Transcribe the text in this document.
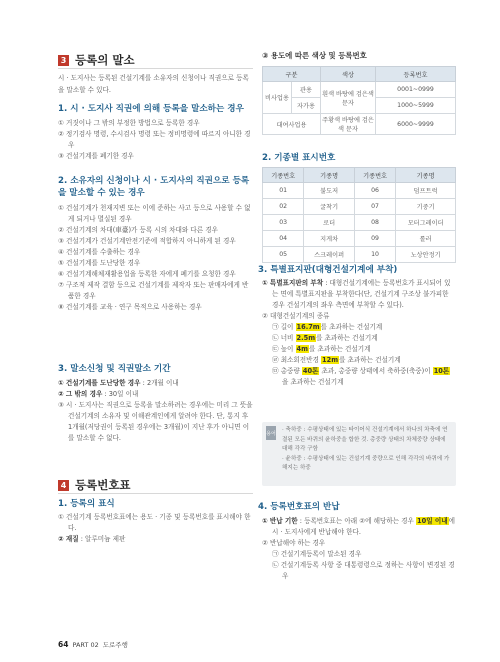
3 등록의 말소
시 · 도지사는 등록된 건설기계를 소유자의 신청이나 직권으로 등록을 말소할 수 있다.
1. 시 · 도지사 직권에 의해 등록을 말소하는 경우
① 거짓이나 그 밖의 부정한 방법으로 등록한 경우
② 정기검사 명령, 수시검사 명령 또는 정비명령에 따르지 아니한 경우
③ 건설기계를 폐기한 경우
2. 소유자의 신청이나 시 · 도지사의 직권으로 등록을 말소할 수 있는 경우
① 건설기계가 천재지변 또는 이에 준하는 사고 등으로 사용할 수 없게 되거나 멸실된 경우
② 건설기계의 차대(車臺)가 등록 시의 차대와 다른 경우
③ 건설기계가 건설기계안전기준에 적합하지 아니하게 된 경우
④ 건설기계를 수출하는 경우
⑤ 건설기계를 도난당한 경우
⑥ 건설기계해체재활용업을 등록한 자에게 폐기를 요청한 경우
⑦ 구조적 제작 결함 등으로 건설기계를 제작자 또는 판매자에게 반품한 경우
⑧ 건설기계를 교육 · 연구 목적으로 사용하는 경우
3. 말소신청 및 직권말소 기간
① 건설기계를 도난당한 경우 : 2개월 이내
② 그 밖의 경우 : 30일 이내
③ 시 · 도지사는 직권으로 등록을 말소하려는 경우에는 미리 그 뜻을 건설기계의 소유자 및 이해관계인에게 알려야 한다. 단, 통지 후 1개월(저당권이 등록된 경우에는 3개월)이 지난 후가 아니면 이를 말소할 수 없다.
4 등록번호표
1. 등록의 표식
① 건설기계 등록번호표에는 용도 · 기종 및 등록번호를 표시해야 한다.
② 재질 : 알루미늄 제판
③ 용도에 따른 색상 및 등록번호
구분		색상	등록번호
비사업용	관용	흰색 바탕에 검은색 문자	0001~0999
	자가용		1000~5999
대여사업용		주황색 바탕에 검은색 문자	6000~9999
2. 기종별 표시번호
기종번호	기종명	기종번호	기종명
01	불도저	06	덤프트럭
02	굴착기	07	기중기
03	로더	08	모터그레이더
04	지게차	09	롤러
05	스크레이퍼	10	노상안정기
3. 특별표지판(대형건설기계에 부착)
① 특별표지판의 부착 : 대형건설기계에는 등록번호가 표시되어 있는 면에 특별표지판을 부착한다(단, 건설기계 구조상 불가피한 경우 건설기계의 좌우 측면에 부착할 수 있다).
② 대형건설기계의 종류
㉠ 길이 16.7m를 초과하는 건설기계
㉡ 너비 2.5m를 초과하는 건설기계
㉢ 높이 4m를 초과하는 건설기계
㉣ 최소회전반경 12m를 초과하는 건설기계
㉤ 총중량 40톤 초과, 총중량 상태에서 축하중(축중)이 10톤을 초과하는 건설기계
용어
· 축하중 : 수평상태에 있는 타이어식 건설기계에서 하나의 차축에 연결된 모든 바퀴의 윤하중을 합한 것. 총중량 상태의 차체중량 상태에 대해 각각 구함
· 윤하중 : 수평상태에 있는 건설기계 중량으로 인해 각각의 바퀴에 가해지는 하중
4. 등록번호표의 반납
① 반납 기한 : 등록번호표는 아래 ②에 해당하는 경우 10일 이내에 시 · 도지사에게 반납해야 한다.
② 반납해야 하는 경우
㉠ 건설기계등록이 말소된 경우
㉡ 건설기계등록 사항 중 대통령령으로 정하는 사항이 변경된 경우
64 PART 02 도로주행
